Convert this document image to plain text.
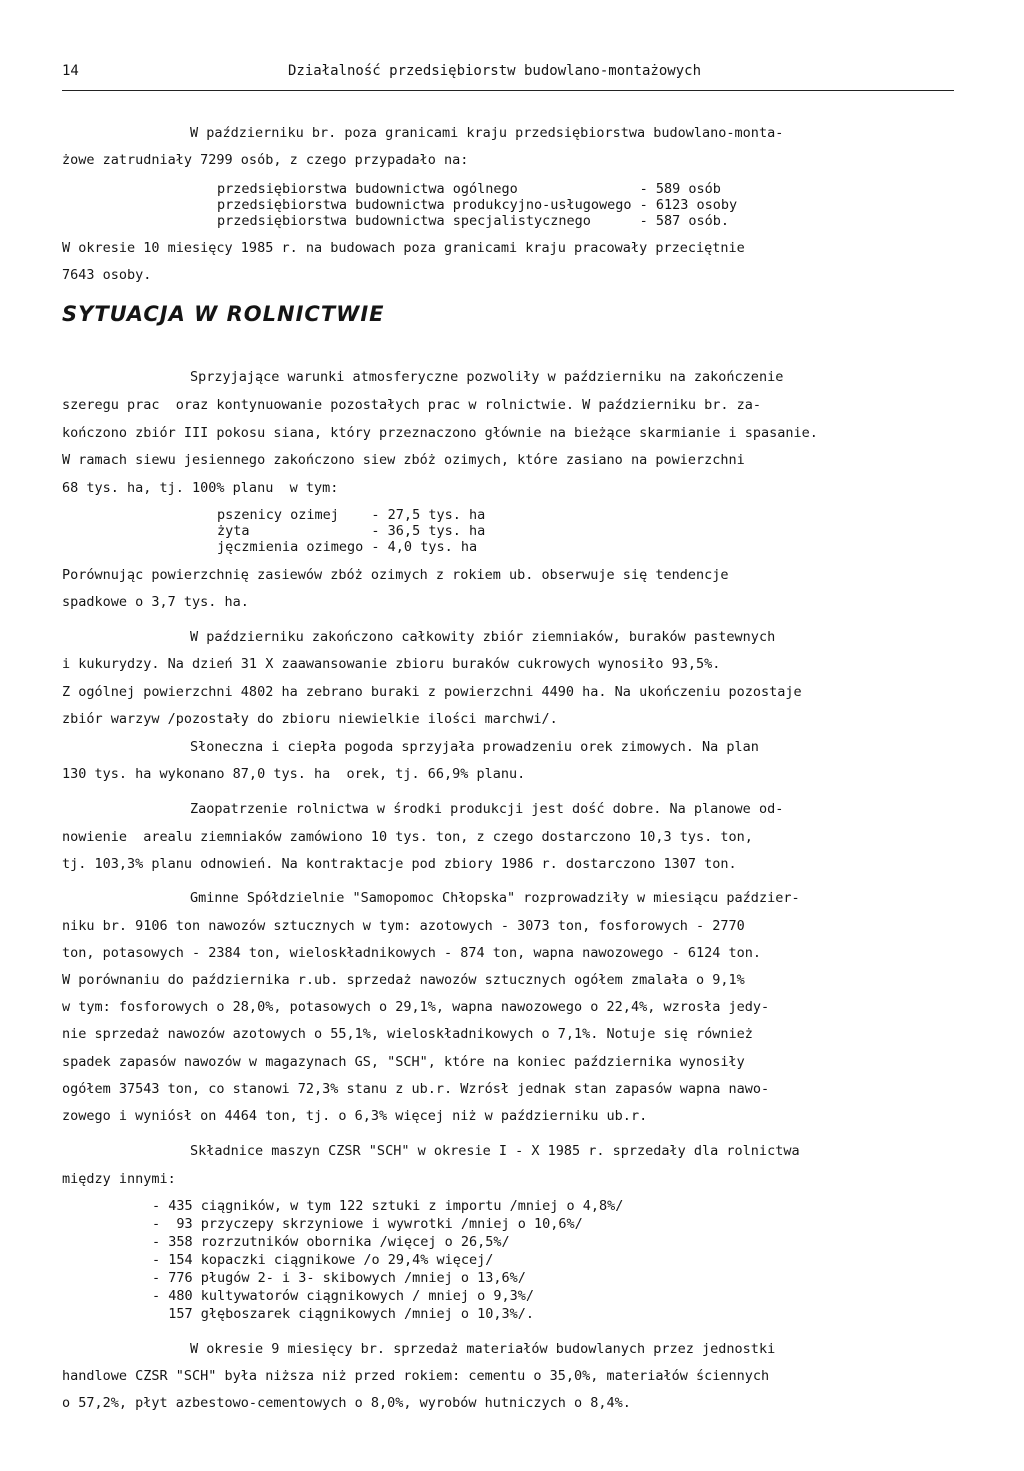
14	Działalność przedsiębiorstw budowlano-montażowych
SYTUACJA W ROLNICTWIE
W październiku br. poza granicami kraju przedsiębiorstwa budowlano-monta-
żowe zatrudniały 7299 osób, z czego przypadało na:
przedsiębiorstwa budownictwa ogólnego               - 589 osób
przedsiębiorstwa budownictwa produkcyjno-usługowego - 6123 osoby
przedsiębiorstwa budownictwa specjalistycznego      - 587 osób.
W okresie 10 miesięcy 1985 r. na budowach poza granicami kraju pracowały przeciętnie
7643 osoby.
Sprzyjające warunki atmosferyczne pozwoliły w październiku na zakończenie
szeregu prac  oraz kontynuowanie pozostałych prac w rolnictwie. W październiku br. za-
kończono zbiór III pokosu siana, który przeznaczono głównie na bieżące skarmianie i spasanie.
W ramach siewu jesiennego zakończono siew zbóż ozimych, które zasiano na powierzchni
68 tys. ha, tj. 100% planu  w tym:
pszenicy ozimej    - 27,5 tys. ha
żyta               - 36,5 tys. ha
jęczmienia ozimego - 4,0 tys. ha
Porównując powierzchnię zasiewów zbóż ozimych z rokiem ub. obserwuje się tendencje
spadkowe o 3,7 tys. ha.
W październiku zakończono całkowity zbiór ziemniaków, buraków pastewnych
i kukurydzy. Na dzień 31 X zaawansowanie zbioru buraków cukrowych wynosiło 93,5%.
Z ogólnej powierzchni 4802 ha zebrano buraki z powierzchni 4490 ha. Na ukończeniu pozostaje
zbiór warzyw /pozostały do zbioru niewielkie ilości marchwi/.
Słoneczna i ciepła pogoda sprzyjała prowadzeniu orek zimowych. Na plan
130 tys. ha wykonano 87,0 tys. ha  orek, tj. 66,9% planu.
Zaopatrzenie rolnictwa w środki produkcji jest dość dobre. Na planowe od-
nowienie  arealu ziemniaków zamówiono 10 tys. ton, z czego dostarczono 10,3 tys. ton,
tj. 103,3% planu odnowień. Na kontraktacje pod zbiory 1986 r. dostarczono 1307 ton.
Gminne Spółdzielnie "Samopomoc Chłopska" rozprowadziły w miesiącu paździer-
niku br. 9106 ton nawozów sztucznych w tym: azotowych - 3073 ton, fosforowych - 2770
ton, potasowych - 2384 ton, wieloskładnikowych - 874 ton, wapna nawozowego - 6124 ton.
W porównaniu do października r.ub. sprzedaż nawozów sztucznych ogółem zmalała o 9,1%
w tym: fosforowych o 28,0%, potasowych o 29,1%, wapna nawozowego o 22,4%, wzrosła jedy-
nie sprzedaż nawozów azotowych o 55,1%, wieloskładnikowych o 7,1%. Notuje się również
spadek zapasów nawozów w magazynach GS, "SCH", które na koniec października wynosiły
ogółem 37543 ton, co stanowi 72,3% stanu z ub.r. Wzrósł jednak stan zapasów wapna nawo-
zowego i wyniósł on 4464 ton, tj. o 6,3% więcej niż w październiku ub.r.
Składnice maszyn CZSR "SCH" w okresie I - X 1985 r. sprzedały dla rolnictwa
między innymi:
- 435 ciągników, w tym 122 sztuki z importu /mniej o 4,8%/
-  93 przyczepy skrzyniowe i wywrotki /mniej o 10,6%/
- 358 rozrzutników obornika /więcej o 26,5%/
- 154 kopaczki ciągnikowe /o 29,4% więcej/
- 776 pługów 2- i 3- skibowych /mniej o 13,6%/
- 480 kultywatorów ciągnikowych / mniej o 9,3%/
157 głęboszarek ciągnikowych /mniej o 10,3%/.
W okresie 9 miesięcy br. sprzedaż materiałów budowlanych przez jednostki
handlowe CZSR "SCH" była niższa niż przed rokiem: cementu o 35,0%, materiałów ściennych
o 57,2%, płyt azbestowo-cementowych o 8,0%, wyrobów hutniczych o 8,4%.
